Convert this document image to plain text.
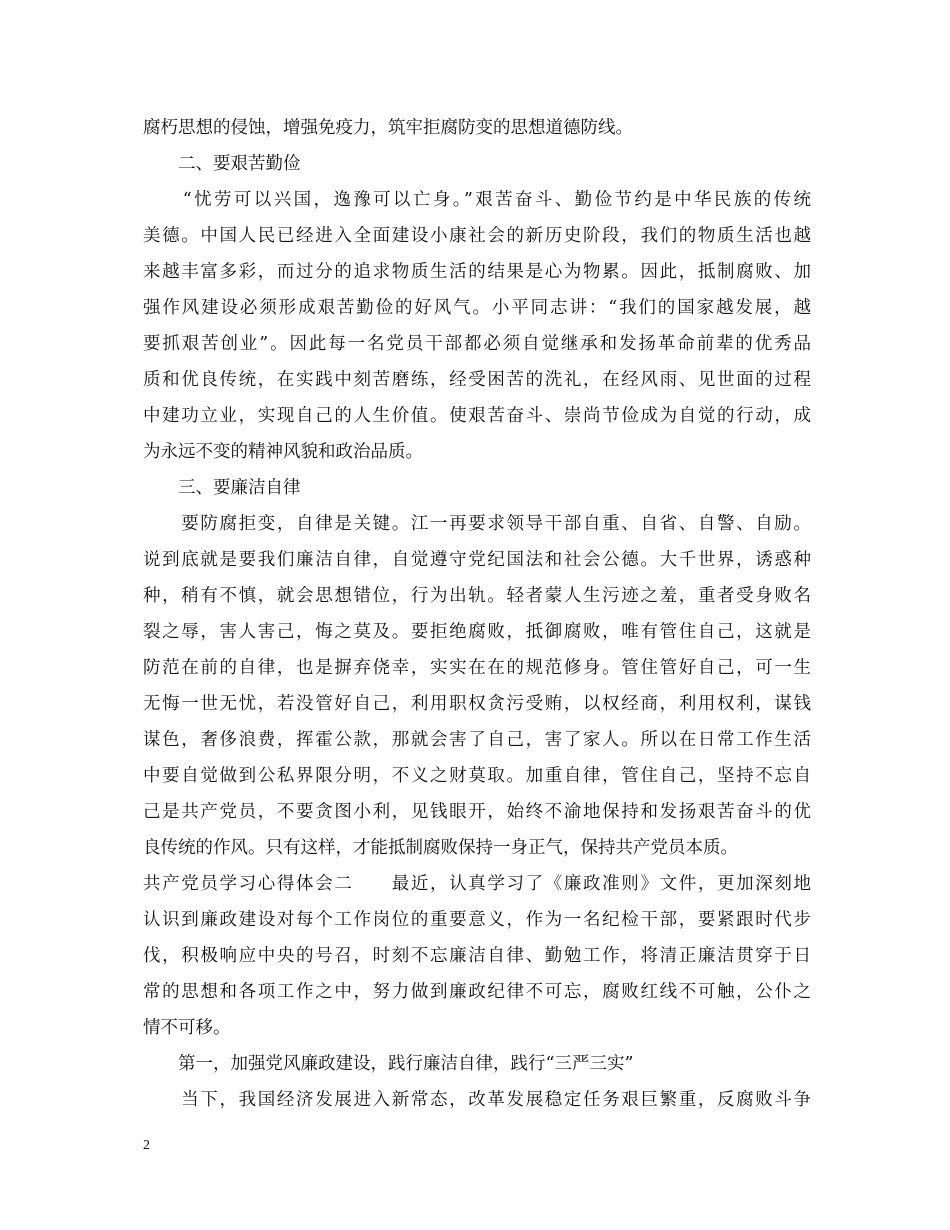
腐朽思想的侵蚀，增强免疫力，筑牢拒腐防变的思想道德防线。
　　二、要艰苦勤俭
　　“忧劳可以兴国，逸豫可以亡身。”艰苦奋斗、勤俭节约是中华民族的传统
美德。中国人民已经进入全面建设小康社会的新历史阶段，我们的物质生活也越
来越丰富多彩，而过分的追求物质生活的结果是心为物累。因此，抵制腐败、加
强作风建设必须形成艰苦勤俭的好风气。小平同志讲：“我们的国家越发展，越
要抓艰苦创业”。因此每一名党员干部都必须自觉继承和发扬革命前辈的优秀品
质和优良传统，在实践中刻苦磨练，经受困苦的洗礼，在经风雨、见世面的过程
中建功立业，实现自己的人生价值。使艰苦奋斗、崇尚节俭成为自觉的行动，成
为永远不变的精神风貌和政治品质。
　　三、要廉洁自律
　　要防腐拒变，自律是关键。江一再要求领导干部自重、自省、自警、自励。
说到底就是要我们廉洁自律，自觉遵守党纪国法和社会公德。大千世界，诱惑种
种，稍有不慎，就会思想错位，行为出轨。轻者蒙人生污迹之羞，重者受身败名
裂之辱，害人害己，悔之莫及。要拒绝腐败，抵御腐败，唯有管住自己，这就是
防范在前的自律，也是摒弃侥幸，实实在在的规范修身。管住管好自己，可一生
无悔一世无忧，若没管好自己，利用职权贪污受贿，以权经商，利用权利，谋钱
谋色，奢侈浪费，挥霍公款，那就会害了自己，害了家人。所以在日常工作生活
中要自觉做到公私界限分明，不义之财莫取。加重自律，管住自己，坚持不忘自
己是共产党员，不要贪图小利，见钱眼开，始终不渝地保持和发扬艰苦奋斗的优
良传统的作风。只有这样，才能抵制腐败保持一身正气，保持共产党员本质。
共产党员学习心得体会二　　最近，认真学习了《廉政准则》文件，更加深刻地
认识到廉政建设对每个工作岗位的重要意义，作为一名纪检干部，要紧跟时代步
伐，积极响应中央的号召，时刻不忘廉洁自律、勤勉工作，将清正廉洁贯穿于日
常的思想和各项工作之中，努力做到廉政纪律不可忘，腐败红线不可触，公仆之
情不可移。
　　第一，加强党风廉政建设，践行廉洁自律，践行“三严三实”
　　当下，我国经济发展进入新常态，改革发展稳定任务艰巨繁重，反腐败斗争
2
